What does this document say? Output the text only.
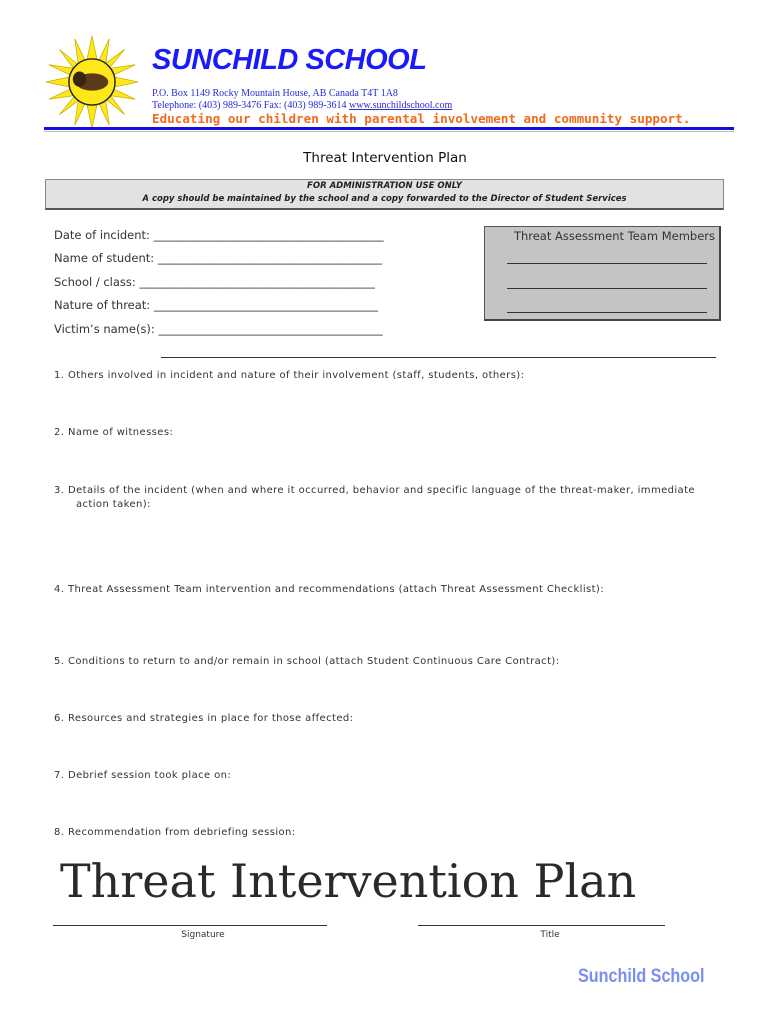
SUNCHILD SCHOOL
P.O. Box 1149 Rocky Mountain House, AB Canada T4T 1A8
Telephone: (403) 989-3476 Fax: (403) 989-3614 www.sunchildschool.com
Educating our children with parental involvement and community support.
Threat Intervention Plan
FOR ADMINISTRATION USE ONLY
A copy should be maintained by the school and a copy forwarded to the Director of Student Services
Date of incident: ________________________________________
Name of student: _______________________________________
School / class: _________________________________________
Nature of threat: _______________________________________
Victim’s name(s): _______________________________________
Threat Assessment Team Members
1. Others involved in incident and nature of their involvement (staff, students, others):
2. Name of witnesses:
3. Details of the incident (when and where it occurred, behavior and specific language of the threat-maker, immediate
action taken):
4. Threat Assessment Team intervention and recommendations (attach Threat Assessment Checklist):
5. Conditions to return to and/or remain in school (attach Student Continuous Care Contract):
6. Resources and strategies in place for those affected:
7. Debrief session took place on:
8. Recommendation from debriefing session:
Threat Intervention Plan
Signature	Title
Sunchild School
